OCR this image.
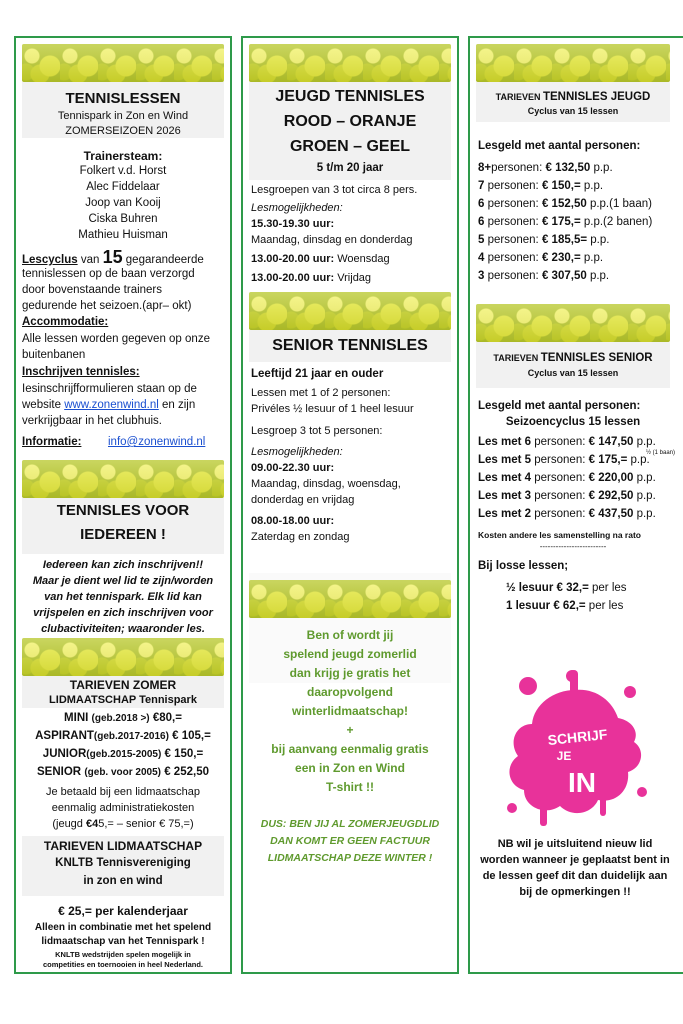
TENNISLESSEN
Tennispark in Zon en Wind
ZOMERSEIZOEN 2026
Trainersteam:
Folkert v.d. Horst
Alec Fiddelaar
Joop van Kooij
Ciska Buhren
Mathieu Huisman
Lescyclus van 15 gegarandeerde
tennislessen op de baan verzorgd
door bovenstaande trainers
gedurende het seizoen.(apr– okt)
Accommodatie:
Alle lessen worden gegeven op onze
buitenbanen
Inschrijven tennisles:
Iesinschrijfformulieren staan op de
website www.zonenwind.nl en zijn
verkrijgbaar in het clubhuis.
Informatie: info@zonenwind.nl
TENNISLES VOOR
IEDEREEN !
Iedereen kan zich inschrijven!!
Maar je dient wel lid te zijn/worden
van het tennispark. Elk lid kan
vrijspelen en zich inschrijven voor
clubactiviteiten; waaronder les.
TARIEVEN ZOMER
LIDMAATSCHAP Tennispark
MINI (geb.2018 >) €80,=
ASPIRANT(geb.2017-2016) € 105,=
JUNIOR(geb.2015-2005) € 150,=
SENIOR (geb. voor 2005) € 252,50
Je betaald bij een lidmaatschap
eenmalig administratiekosten
(jeugd €45,= – senior € 75,=)
TARIEVEN LIDMAATSCHAP
KNLTB Tennisvereniging
in zon en wind
€ 25,= per kalenderjaar
Alleen in combinatie met het spelend
lidmaatschap van het Tennispark !
KNLTB wedstrijden spelen mogelijk in
competities en toernooien in heel Nederland.
JEUGD TENNISLES
ROOD – ORANJE
GROEN – GEEL
5 t/m 20 jaar
Lesgroepen van 3 tot circa 8 pers.
Lesmogelijkheden:
15.30-19.30 uur:
Maandag, dinsdag en donderdag
13.00-20.00 uur: Woensdag
13.00-20.00 uur: Vrijdag
SENIOR TENNISLES
Leeftijd 21 jaar en ouder
Lessen met 1 of 2 personen:
Privéles ½ lesuur of 1 heel lesuur
Lesgroep 3 tot 5 personen:
Lesmogelijkheden:
09.00-22.30 uur:
Maandag, dinsdag, woensdag,
donderdag en vrijdag
08.00-18.00 uur:
Zaterdag en zondag
Ben of wordt jij
spelend jeugd zomerlid
dan krijg je gratis het
daaropvolgend
winterlidmaatschap!
+
bij aanvang eenmalig gratis
een in Zon en Wind
T-shirt !!
DUS: BEN JIJ AL ZOMERJEUGDLID
DAN KOMT ER GEEN FACTUUR
LIDMAATSCHAP DEZE WINTER !
TARIEVEN TENNISLES JEUGD
Cyclus van 15 lessen
Lesgeld met aantal personen:
8+personen: € 132,50 p.p.
7 personen: € 150,= p.p.
6 personen: € 152,50 p.p.(1 baan)
6 personen: € 175,= p.p.(2 banen)
5 personen: € 185,5= p.p.
4 personen: € 230,= p.p.
3 personen: € 307,50 p.p.
TARIEVEN TENNISLES SENIOR
Cyclus van 15 lessen
Lesgeld met aantal personen:
Seizoencyclus 15 lessen
Les met 6 personen: € 147,50 p.p.
Les met 5 personen: € 175,= p.p.
Les met 4 personen: € 220,00 p.p.
Les met 3 personen: € 292,50 p.p.
Les met 2 personen: € 437,50 p.p.
½ (1 baan)
Kosten andere les samenstelling na rato
-------------------------
Bij losse lessen;
½ lesuur € 32,= per les
1 lesuur € 62,= per les
SCHRIJF
JE
IN
NB wil je uitsluitend nieuw lid
worden wanneer je geplaatst bent in
de lessen geef dit dan duidelijk aan
bij de opmerkingen !!
